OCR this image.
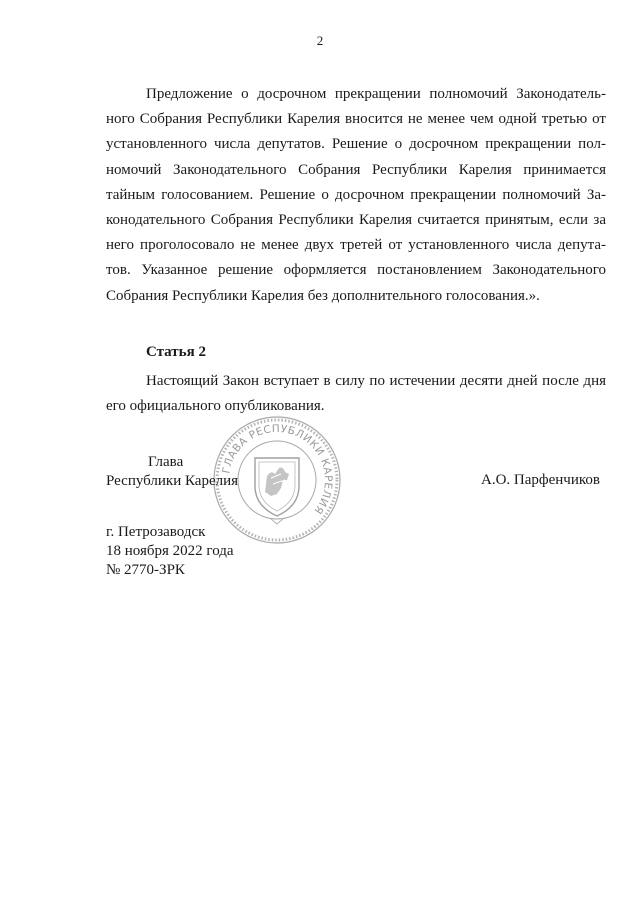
2
Предложение о досрочном прекращении полномочий Законодатель-
ного Собрания Республики Карелия вносится не менее чем одной третью от
установленного числа депутатов. Решение о досрочном прекращении пол-
номочий Законодательного Собрания Республики Карелия принимается
тайным голосованием. Решение о досрочном прекращении полномочий За-
конодательного Собрания Республики Карелия считается принятым, если за
него проголосовало не менее двух третей от установленного числа депута-
тов. Указанное решение оформляется постановлением Законодательного
Собрания Республики Карелия без дополнительного голосования.».
Статья 2
Настоящий Закон вступает в силу по истечении десяти дней после дня
его официального опубликования.
ГЛАВА РЕСПУБЛИКИ КАРЕЛИЯ
Глава
Республики Карелия	А.О. Парфенчиков
г. Петрозаводск
18 ноября 2022 года
№ 2770-ЗРК
